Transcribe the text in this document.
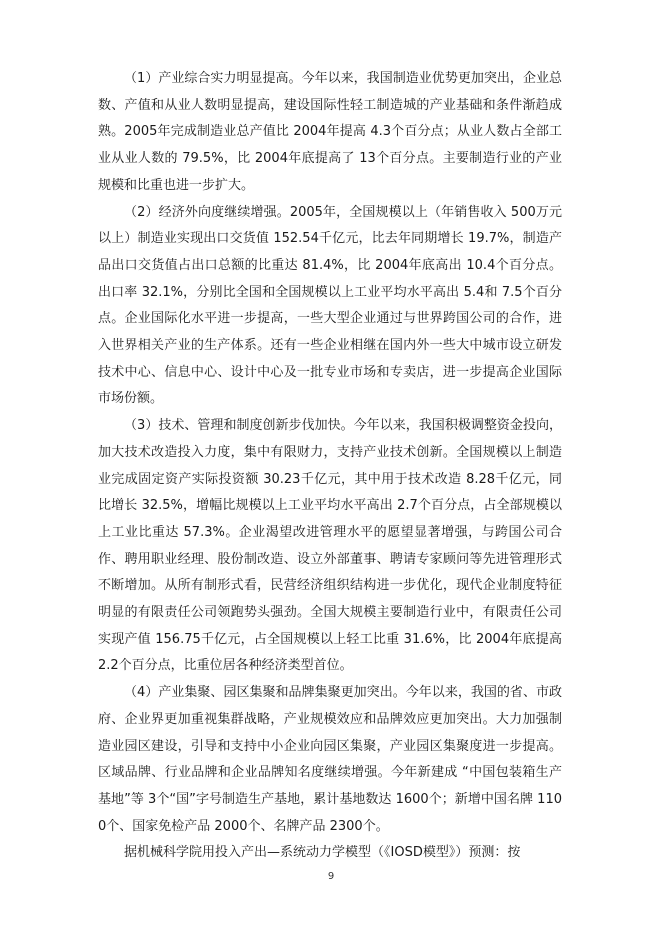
（1）产业综合实力明显提高。今年以来，我国制造业优势更加突出，企业总数、产值和从业人数明显提高，建设国际性轻工制造城的产业基础和条件渐趋成熟。2005年完成制造业总产值比 2004年提高 4.3个百分点；从业人数占全部工业从业人数的 79.5%，比 2004年底提高了 13个百分点。主要制造行业的产业规模和比重也进一步扩大。

（2）经济外向度继续增强。2005年，全国规模以上（年销售收入 500万元以上）制造业实现出口交货值 152.54千亿元，比去年同期增长 19.7%，制造产品出口交货值占出口总额的比重达 81.4%，比 2004年底高出 10.4个百分点。出口率 32.1%，分别比全国和全国规模以上工业平均水平高出 5.4和 7.5个百分点。企业国际化水平进一步提高，一些大型企业通过与世界跨国公司的合作，进入世界相关产业的生产体系。还有一些企业相继在国内外一些大中城市设立研发技术中心、信息中心、设计中心及一批专业市场和专卖店，进一步提高企业国际市场份额。

（3）技术、管理和制度创新步伐加快。今年以来，我国积极调整资金投向，加大技术改造投入力度，集中有限财力，支持产业技术创新。全国规模以上制造业完成固定资产实际投资额 30.23千亿元，其中用于技术改造 8.28千亿元，同比增长 32.5%，增幅比规模以上工业平均水平高出 2.7个百分点，占全部规模以上工业比重达 57.3%。企业渴望改进管理水平的愿望显著增强，与跨国公司合作、聘用职业经理、股份制改造、设立外部董事、聘请专家顾问等先进管理形式不断增加。从所有制形式看，民营经济组织结构进一步优化，现代企业制度特征明显的有限责任公司领跑势头强劲。全国大规模主要制造行业中，有限责任公司实现产值 156.75千亿元，占全国规模以上轻工比重 31.6%，比 2004年底提高 2.2个百分点，比重位居各种经济类型首位。

（4）产业集聚、园区集聚和品牌集聚更加突出。今年以来，我国的省、市政府、企业界更加重视集群战略，产业规模效应和品牌效应更加突出。大力加强制造业园区建设，引导和支持中小企业向园区集聚，产业园区集聚度进一步提高。区域品牌、行业品牌和企业品牌知名度继续增强。今年新建成 “中国包装箱生产基地”等 3个“国”字号制造生产基地，累计基地数达 1600个；新增中国名牌 1100个、国家免检产品 2000个、名牌产品 2300个。

据机械科学院用投入产出—系统动力学模型（《IOSD模型》）预测：按

9
